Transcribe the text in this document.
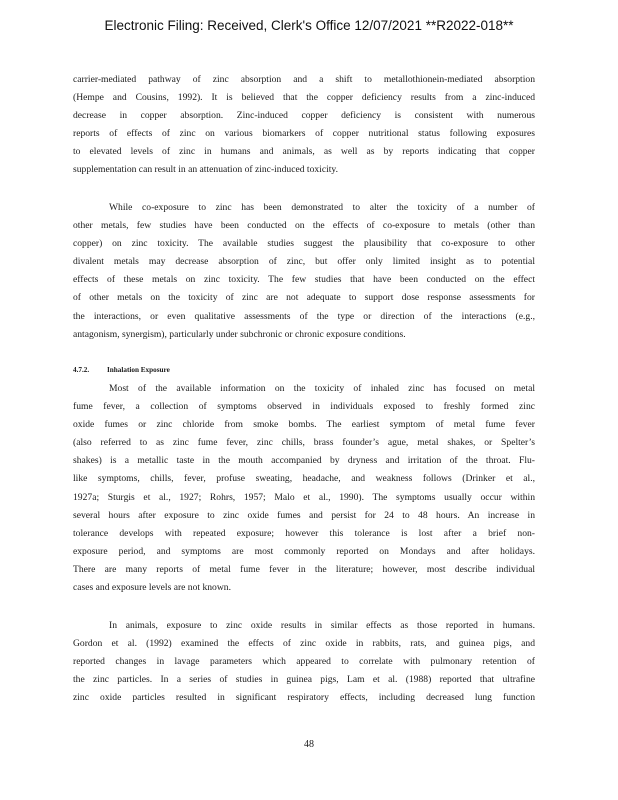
Electronic Filing: Received, Clerk's Office 12/07/2021 **R2022-018**
carrier-mediated pathway of zinc absorption and a shift to metallothionein-mediated absorption
(Hempe and Cousins, 1992). It is believed that the copper deficiency results from a zinc-induced
decrease in copper absorption. Zinc-induced copper deficiency is consistent with numerous
reports of effects of zinc on various biomarkers of copper nutritional status following exposures
to elevated levels of zinc in humans and animals, as well as by reports indicating that copper
supplementation can result in an attenuation of zinc-induced toxicity.
While co-exposure to zinc has been demonstrated to alter the toxicity of a number of
other metals, few studies have been conducted on the effects of co-exposure to metals (other than
copper) on zinc toxicity. The available studies suggest the plausibility that co-exposure to other
divalent metals may decrease absorption of zinc, but offer only limited insight as to potential
effects of these metals on zinc toxicity. The few studies that have been conducted on the effect
of other metals on the toxicity of zinc are not adequate to support dose response assessments for
the interactions, or even qualitative assessments of the type or direction of the interactions (e.g.,
antagonism, synergism), particularly under subchronic or chronic exposure conditions.
4.7.2. Inhalation Exposure
Most of the available information on the toxicity of inhaled zinc has focused on metal
fume fever, a collection of symptoms observed in individuals exposed to freshly formed zinc
oxide fumes or zinc chloride from smoke bombs. The earliest symptom of metal fume fever
(also referred to as zinc fume fever, zinc chills, brass founder’s ague, metal shakes, or Spelter’s
shakes) is a metallic taste in the mouth accompanied by dryness and irritation of the throat. Flu-
like symptoms, chills, fever, profuse sweating, headache, and weakness follows (Drinker et al.,
1927a; Sturgis et al., 1927; Rohrs, 1957; Malo et al., 1990). The symptoms usually occur within
several hours after exposure to zinc oxide fumes and persist for 24 to 48 hours. An increase in
tolerance develops with repeated exposure; however this tolerance is lost after a brief non-
exposure period, and symptoms are most commonly reported on Mondays and after holidays.
There are many reports of metal fume fever in the literature; however, most describe individual
cases and exposure levels are not known.
In animals, exposure to zinc oxide results in similar effects as those reported in humans.
Gordon et al. (1992) examined the effects of zinc oxide in rabbits, rats, and guinea pigs, and
reported changes in lavage parameters which appeared to correlate with pulmonary retention of
the zinc particles. In a series of studies in guinea pigs, Lam et al. (1988) reported that ultrafine
zinc oxide particles resulted in significant respiratory effects, including decreased lung function
48
